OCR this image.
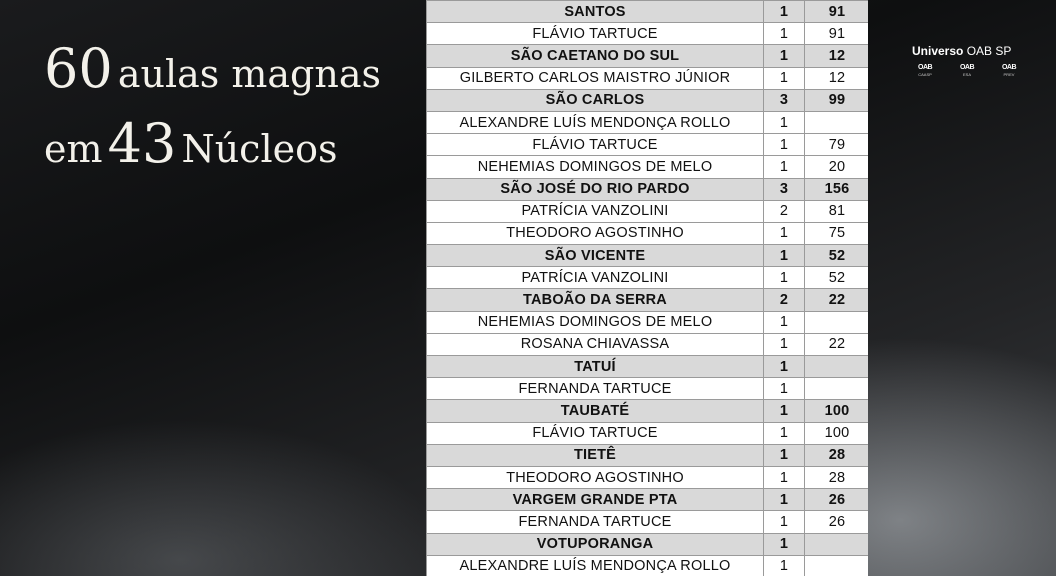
60 aulas magnas
em 43 Núcleos
SANTOS	1	91
FLÁVIO TARTUCE	1	91
SÃO CAETANO DO SUL	1	12
GILBERTO CARLOS MAISTRO JÚNIOR	1	12
SÃO CARLOS	3	99
ALEXANDRE LUÍS MENDONÇA ROLLO	1	
FLÁVIO TARTUCE	1	79
NEHEMIAS DOMINGOS DE MELO	1	20
SÃO JOSÉ DO RIO PARDO	3	156
PATRÍCIA VANZOLINI	2	81
THEODORO AGOSTINHO	1	75
SÃO VICENTE	1	52
PATRÍCIA VANZOLINI	1	52
TABOÃO DA SERRA	2	22
NEHEMIAS DOMINGOS DE MELO	1	
ROSANA CHIAVASSA	1	22
TATUÍ	1	
FERNANDA TARTUCE	1	
TAUBATÉ	1	100
FLÁVIO TARTUCE	1	100
TIETÊ	1	28
THEODORO AGOSTINHO	1	28
VARGEM GRANDE PTA	1	26
FERNANDA TARTUCE	1	26
VOTUPORANGA	1	
ALEXANDRE LUÍS MENDONÇA ROLLO	1	
Universo OAB SP
OAB
CAASP
OAB
ESA
OAB
PREV
